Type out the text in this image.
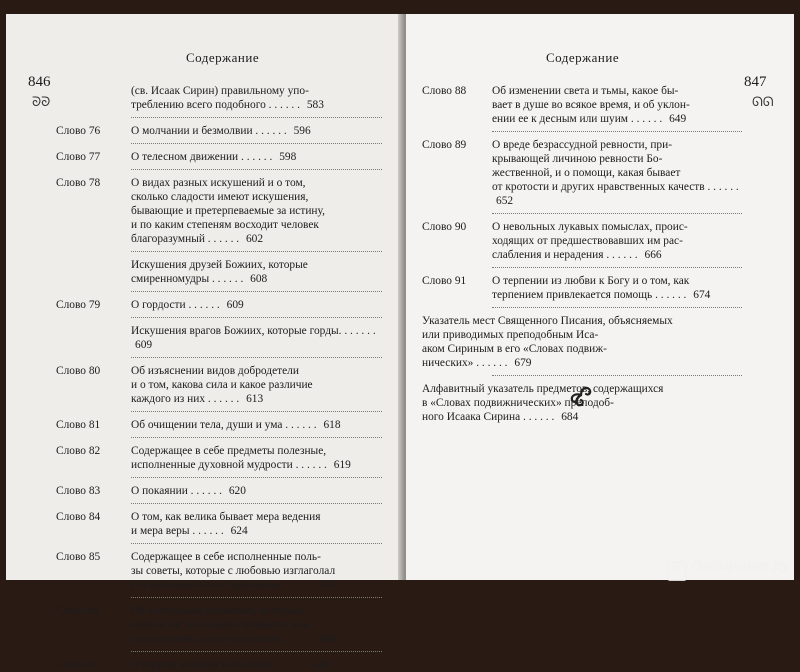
Содержание
846
ᘐᘐ
(св. Исаак Сирин) правильному упо-
треблению всего подобного . . . . . . 583
Слово 76	О молчании и безмолвии . . . . . . 596
Слово 77	О телесном движении . . . . . . 598
Слово 78	О видах разных искушений и о том,
сколько сладости имеют искушения,
бывающие и претерпеваемые за истину,
и по каким степеням восходит человек
благоразумный . . . . . . 602
Искушения друзей Божиих, которые
смиренномудры . . . . . . 608
Слово 79	О гордости . . . . . . 609
Искушения врагов Божиих, которые горды. . . . . . . 609
Слово 80	Об изъяснении видов добродетели
и о том, какова сила и какое различие
каждого из них . . . . . . 613
Слово 81	Об очищении тела, души и ума . . . . . . 618
Слово 82	Содержащее в себе предметы полезные,
исполненные духовной мудрости . . . . . . 619
Слово 83	О покаянии . . . . . . 620
Слово 84	О том, как велика бывает мера ведения
и мера веры . . . . . . 624
Слово 85	Содержащее в себе исполненные поль-
зы советы, которые с любовью изглаголал
слушающим его со смирением . . . . . . 629
Слово 86	Об ангельском движении, возбужда-
емом в нас по Божию Промыслу для
преуспеяния души в духовном . . . . . . 644
Слово 87	О втором делании в человеке . . . . . . 646
Содержание
847
ᘏᘏ
Слово 88	Об изменении света и тьмы, какое бы-
вает в душе во всякое время, и об уклон-
ении ее к десным или шуим . . . . . . 649
Слово 89	О вреде безрассудной ревности, при-
крывающей личиною ревности Бо-
жественной, и о помощи, какая бывает
от кротости и других нравственных качеств . . . . . . 652
Слово 90	О невольных лукавых помыслах, проис-
ходящих от предшествовавших им рас-
слабления и нерадения . . . . . . 666
Слово 91	О терпении из любви к Богу и о том, как
терпением привлекается помощь . . . . . . 674
Указатель мест Священного Писания, объясняемых
или приводимых преподобным Иса-
аком Сириным в его «Словах подвиж-
нических» . . . . . . 679
Алфавитный указатель предметов, содержащихся
в «Словах подвижнических» преподоб-
ного Исаака Сирина . . . . . . 684
Л Лабиринт.ру
